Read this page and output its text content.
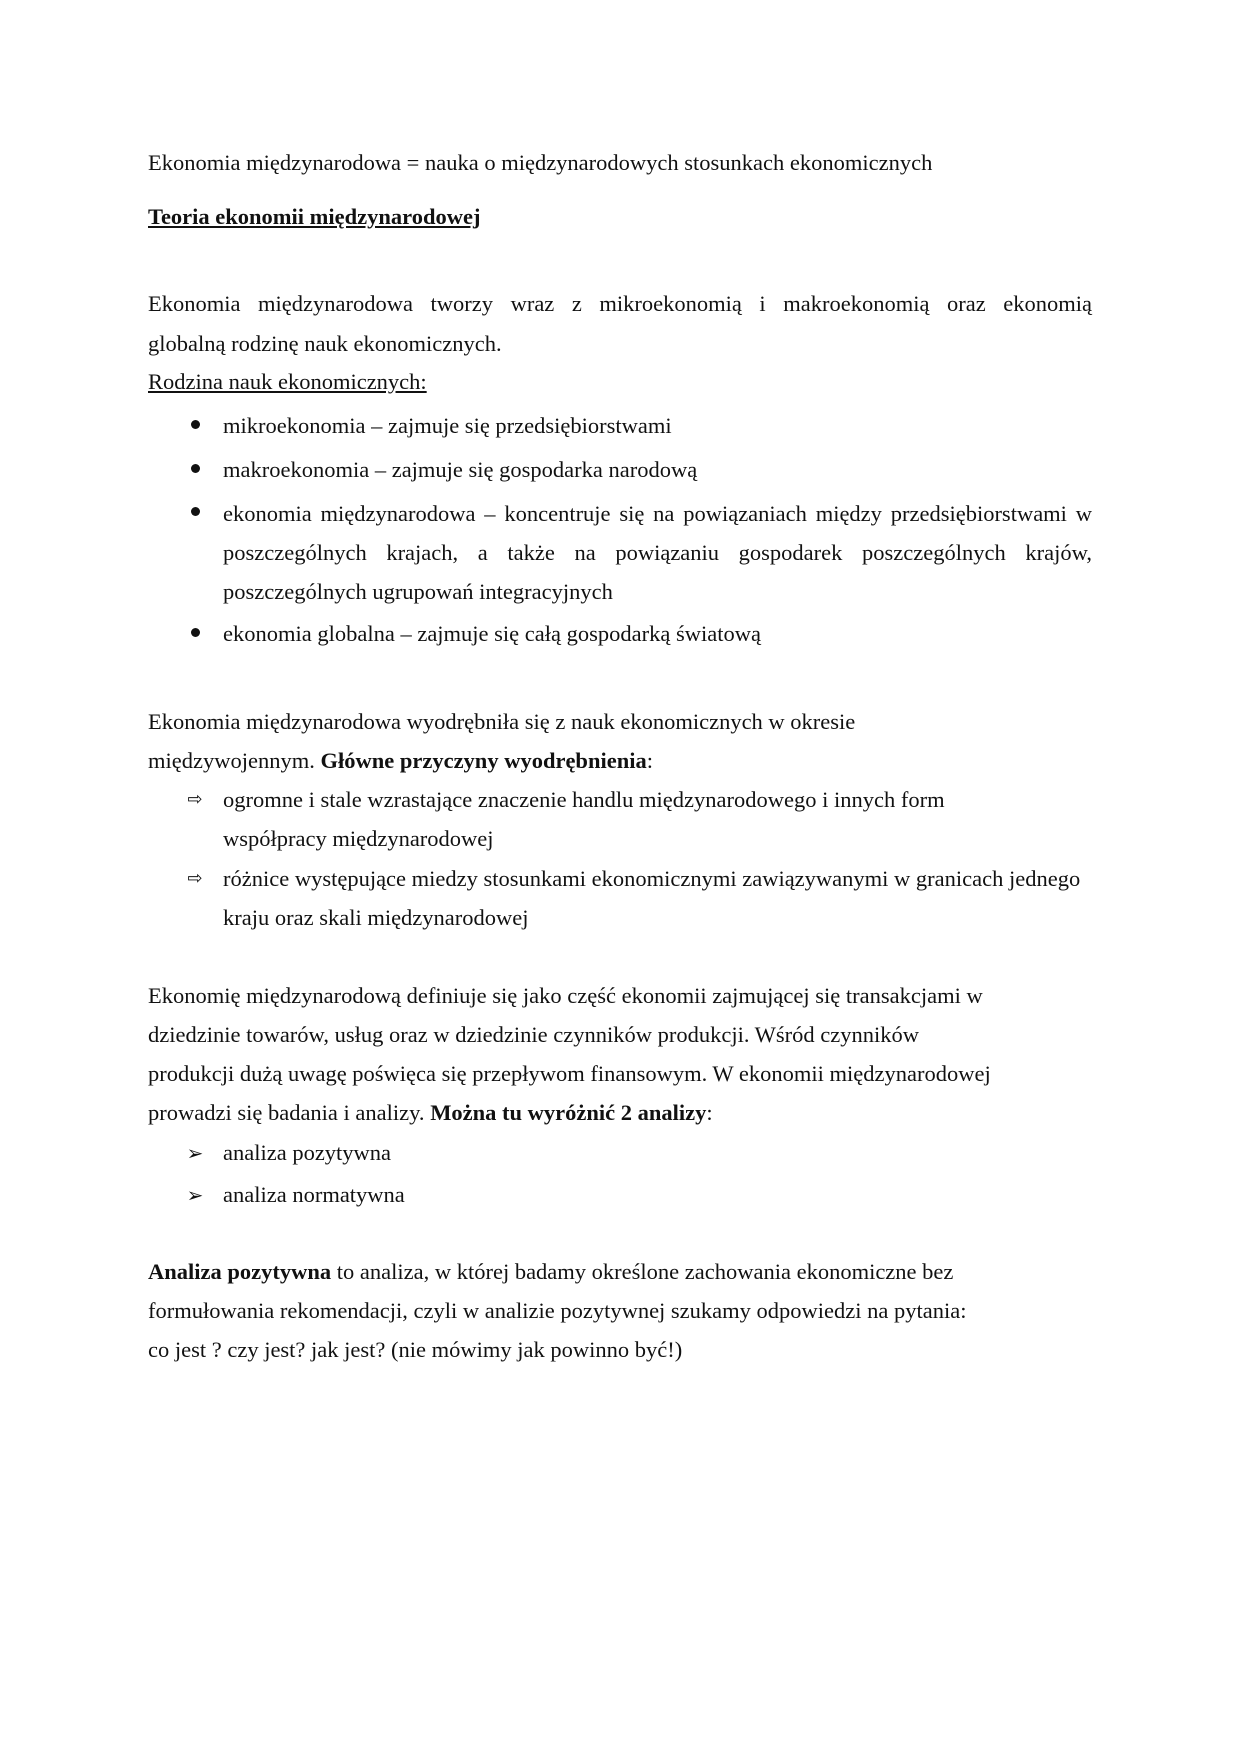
Ekonomia międzynarodowa = nauka o międzynarodowych stosunkach ekonomicznych
Teoria ekonomii międzynarodowej
Ekonomia międzynarodowa tworzy wraz z mikroekonomią i makroekonomią oraz ekonomią
globalną rodzinę nauk ekonomicznych.
Rodzina nauk ekonomicznych:
mikroekonomia – zajmuje się przedsiębiorstwami
makroekonomia – zajmuje się gospodarka narodową
ekonomia międzynarodowa – koncentruje się na powiązaniach między przedsiębiorstwami w poszczególnych krajach, a także na powiązaniu gospodarek poszczególnych krajów, poszczególnych ugrupowań integracyjnych
ekonomia globalna – zajmuje się całą gospodarką światową
Ekonomia międzynarodowa wyodrębniła się z nauk ekonomicznych w okresie
międzywojennym. Główne przyczyny wyodrębnienia:
⇨ ogromne i stale wzrastające znaczenie handlu międzynarodowego i innych form współpracy międzynarodowej
⇨ różnice występujące miedzy stosunkami ekonomicznymi zawiązywanymi w granicach jednego kraju oraz skali międzynarodowej
Ekonomię międzynarodową definiuje się jako część ekonomii zajmującej się transakcjami w
dziedzinie towarów, usług oraz w dziedzinie czynników produkcji. Wśród czynników
produkcji dużą uwagę poświęca się przepływom finansowym. W ekonomii międzynarodowej
prowadzi się badania i analizy. Można tu wyróżnić 2 analizy:
➢ analiza pozytywna
➢ analiza normatywna
Analiza pozytywna to analiza, w której badamy określone zachowania ekonomiczne bez
formułowania rekomendacji, czyli w analizie pozytywnej szukamy odpowiedzi na pytania:
co jest ? czy jest? jak jest? (nie mówimy jak powinno być!)
